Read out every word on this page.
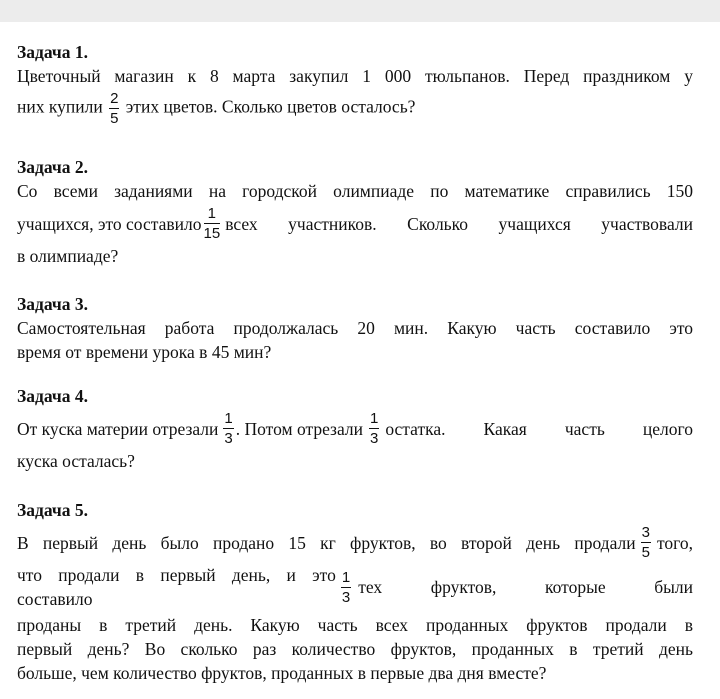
Задача 1.
Цветочный магазин к 8 марта закупил 1 000 тюльпанов. Перед праздником у
них купили $\frac{2}{5}$ этих цветов. Сколько цветов осталось?
Задача 2.
Со всеми заданиями на городской олимпиаде по математике справились 150
учащихся, это составило $\frac{1}{15}$ всех участников. Сколько учащихся участвовали
в олимпиаде?
Задача 3.
Самостоятельная работа продолжалась 20 мин. Какую часть составило это
время от времени урока в 45 мин?
Задача 4.
От куска материи отрезали $\frac{1}{3}$ . Потом отрезали $\frac{1}{3}$ остатка. Какая часть целого
куска осталась?
Задача 5.
В первый день было продано 15 кг фруктов, во второй день продали $\frac{3}{5}$ того,
что продали в первый день, и это составило	$\frac{1}{3}$ тех фруктов, которые были
проданы в третий день. Какую часть всех проданных фруктов продали в
первый день? Во сколько раз количество фруктов, проданных в третий день
больше, чем количество фруктов, проданных в первые два дня вместе?
